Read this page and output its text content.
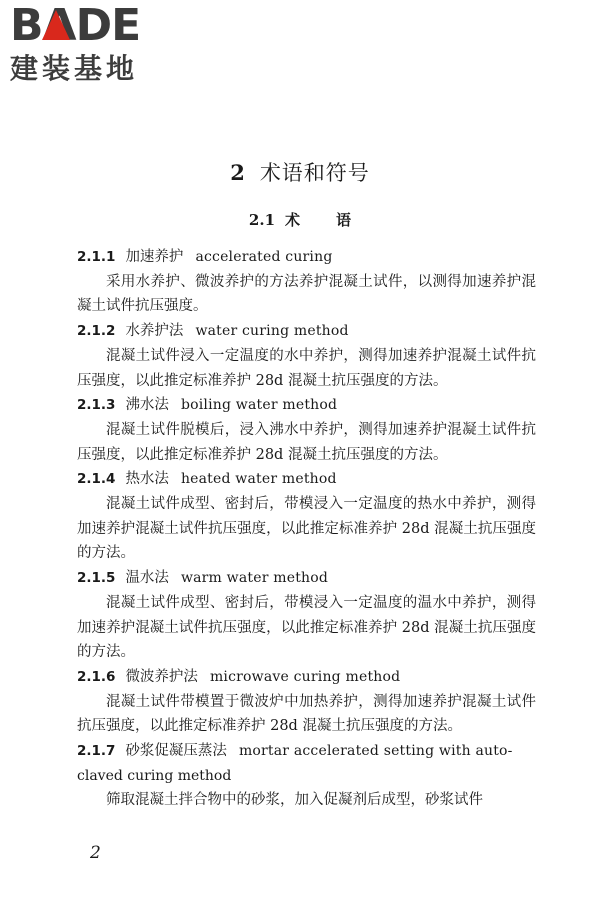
BADE
建装基地
2 术语和符号
2.1 术 语
2.1.1 加速养护 accelerated curing

采用水养护、微波养护的方法养护混凝土试件，以测得加速养护混凝土试件抗压强度。

2.1.2 水养护法 water curing method

混凝土试件浸入一定温度的水中养护，测得加速养护混凝土试件抗压强度，以此推定标准养护 28d 混凝土抗压强度的方法。

2.1.3 沸水法 boiling water method

混凝土试件脱模后，浸入沸水中养护，测得加速养护混凝土试件抗压强度，以此推定标准养护 28d 混凝土抗压强度的方法。

2.1.4 热水法 heated water method

混凝土试件成型、密封后，带模浸入一定温度的热水中养护，测得加速养护混凝土试件抗压强度，以此推定标准养护 28d 混凝土抗压强度的方法。

2.1.5 温水法 warm water method

混凝土试件成型、密封后，带模浸入一定温度的温水中养护，测得加速养护混凝土试件抗压强度，以此推定标准养护 28d 混凝土抗压强度的方法。

2.1.6 微波养护法 microwave curing method

混凝土试件带模置于微波炉中加热养护，测得加速养护混凝土试件抗压强度，以此推定标准养护 28d 混凝土抗压强度的方法。

2.1.7 砂浆促凝压蒸法 mortar accelerated setting with auto-
claved curing method

筛取混凝土拌合物中的砂浆，加入促凝剂后成型，砂浆试件

2
